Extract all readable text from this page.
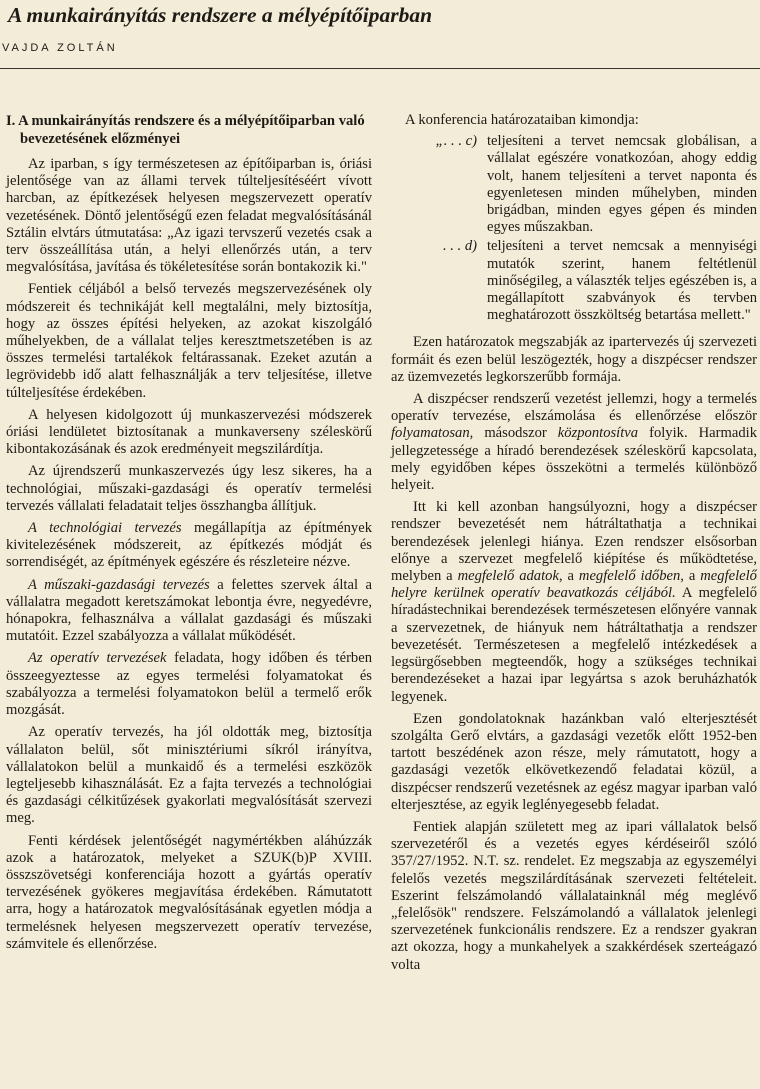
A munkairányítás rendszere a mélyépítőiparban
VAJDA ZOLTÁN
I. A munkairányítás rendszere és a mélyépítőiparban való bevezetésének előzményei

Az iparban, s így természetesen az építőiparban is, óriási jelentősége van az állami tervek túlteljesítéséért vívott harcban, az építkezések helyesen megszervezett operatív vezetésének. Döntő jelentőségű ezen feladat megvalósításánál Sztálin elvtárs útmutatása: „Az igazi tervszerű vezetés csak a terv összeállítása után, a helyi ellenőrzés után, a terv megvalósítása, javítása és tökéletesítése során bontakozik ki."

Fentiek céljából a belső tervezés megszervezésének oly módszereit és technikáját kell megtalálni, mely biztosítja, hogy az összes építési helyeken, az azokat kiszolgáló műhelyekben, de a vállalat teljes keresztmetszetében is az összes termelési tartalékok feltárassanak. Ezeket azután a legrövidebb idő alatt felhasználják a terv teljesítése, illetve túlteljesítése érdekében.

A helyesen kidolgozott új munkaszervezési módszerek óriási lendületet biztosítanak a munkaverseny széleskörű kibontakozásának és azok eredményeit megszilárdítja.

Az újrendszerű munkaszervezés úgy lesz sikeres, ha a technológiai, műszaki-gazdasági és operatív termelési tervezés vállalati feladatait teljes összhangba állítjuk.

A technológiai tervezés megállapítja az építmények kivitelezésének módszereit, az építkezés módját és sorrendiségét, az építmények egészére és részleteire nézve.

A műszaki-gazdasági tervezés a felettes szervek által a vállalatra megadott keretszámokat lebontja évre, negyedévre, hónapokra, felhasználva a vállalat gazdasági és műszaki mutatóit. Ezzel szabályozza a vállalat működését.

Az operatív tervezések feladata, hogy időben és térben összeegyeztesse az egyes termelési folyamatokat és szabályozza a termelési folyamatokon belül a termelő erők mozgását.

Az operatív tervezés, ha jól oldották meg, biztosítja vállalaton belül, sőt minisztériumi síkról irányítva, vállalatokon belül a munkaidő és a termelési eszközök legteljesebb kihasználását. Ez a fajta tervezés a technológiai és gazdasági célkitűzések gyakorlati megvalósítását szervezi meg.

Fenti kérdések jelentőségét nagymértékben aláhúzzák azok a határozatok, melyeket a SZUK(b)P XVIII. összszövetségi konferenciája hozott a gyártás operatív tervezésének gyökeres megjavítása érdekében. Rámutatott arra, hogy a határozatok megvalósításának egyetlen módja a termelésnek helyesen megszervezett operatív tervezése, számvitele és ellenőrzése.

A konferencia határozataiban kimondja:

„. . . c) teljesíteni a tervet nemcsak globálisan, a vállalat egészére vonatkozóan, ahogy eddig volt, hanem teljesíteni a tervet naponta és egyenletesen minden műhelyben, minden brigádban, minden egyes gépen és minden egyes műszakban.
. . . d) teljesíteni a tervet nemcsak a mennyiségi mutatók szerint, hanem feltétlenül minőségileg, a választék teljes egészében is, a megállapított szabványok és tervben meghatározott összköltség betartása mellett."

Ezen határozatok megszabják az ipartervezés új szervezeti formáit és ezen belül leszögezték, hogy a diszpécser rendszer az üzemvezetés legkorszerűbb formája.

A diszpécser rendszerű vezetést jellemzi, hogy a termelés operatív tervezése, elszámolása és ellenőrzése először folyamatosan, másodszor központosítva folyik. Harmadik jellegzetessége a híradó berendezések széleskörű kapcsolata, mely egyidőben képes összekötni a termelés különböző helyeit.

Itt ki kell azonban hangsúlyozni, hogy a diszpécser rendszer bevezetését nem hátráltathatja a technikai berendezések jelenlegi hiánya. Ezen rendszer elsősorban előnye a szervezet megfelelő kiépítése és működtetése, melyben a megfelelő adatok, a megfelelő időben, a megfelelő helyre kerülnek operatív beavatkozás céljából. A megfelelő híradástechnikai berendezések természetesen előnyére vannak a szervezetnek, de hiányuk nem hátráltathatja a rendszer bevezetését. Természetesen a megfelelő intézkedések a legsürgősebben megteendők, hogy a szükséges technikai berendezéseket a hazai ipar legyártsa s azok beruházhatók legyenek.

Ezen gondolatoknak hazánkban való elterjesztését szolgálta Gerő elvtárs, a gazdasági vezetők előtt 1952-ben tartott beszédének azon része, mely rámutatott, hogy a gazdasági vezetők elkövetkezendő feladatai közül, a diszpécser rendszerű vezetésnek az egész magyar iparban való elterjesztése, az egyik leglényegesebb feladat.

Fentiek alapján született meg az ipari vállalatok belső szervezetéről és a vezetés egyes kérdéseiről szóló 357/27/1952. N.T. sz. rendelet. Ez megszabja az egyszemélyi felelős vezetés megszilárdításának szervezeti feltételeit. Eszerint felszámolandó vállalatainknál még meglévő „felelősök" rendszere. Felszámolandó a vállalatok jelenlegi szervezetének funkcionális rendszere. Ez a rendszer gyakran azt okozza, hogy a munkahelyek a szakkérdések szerteágazó volta
